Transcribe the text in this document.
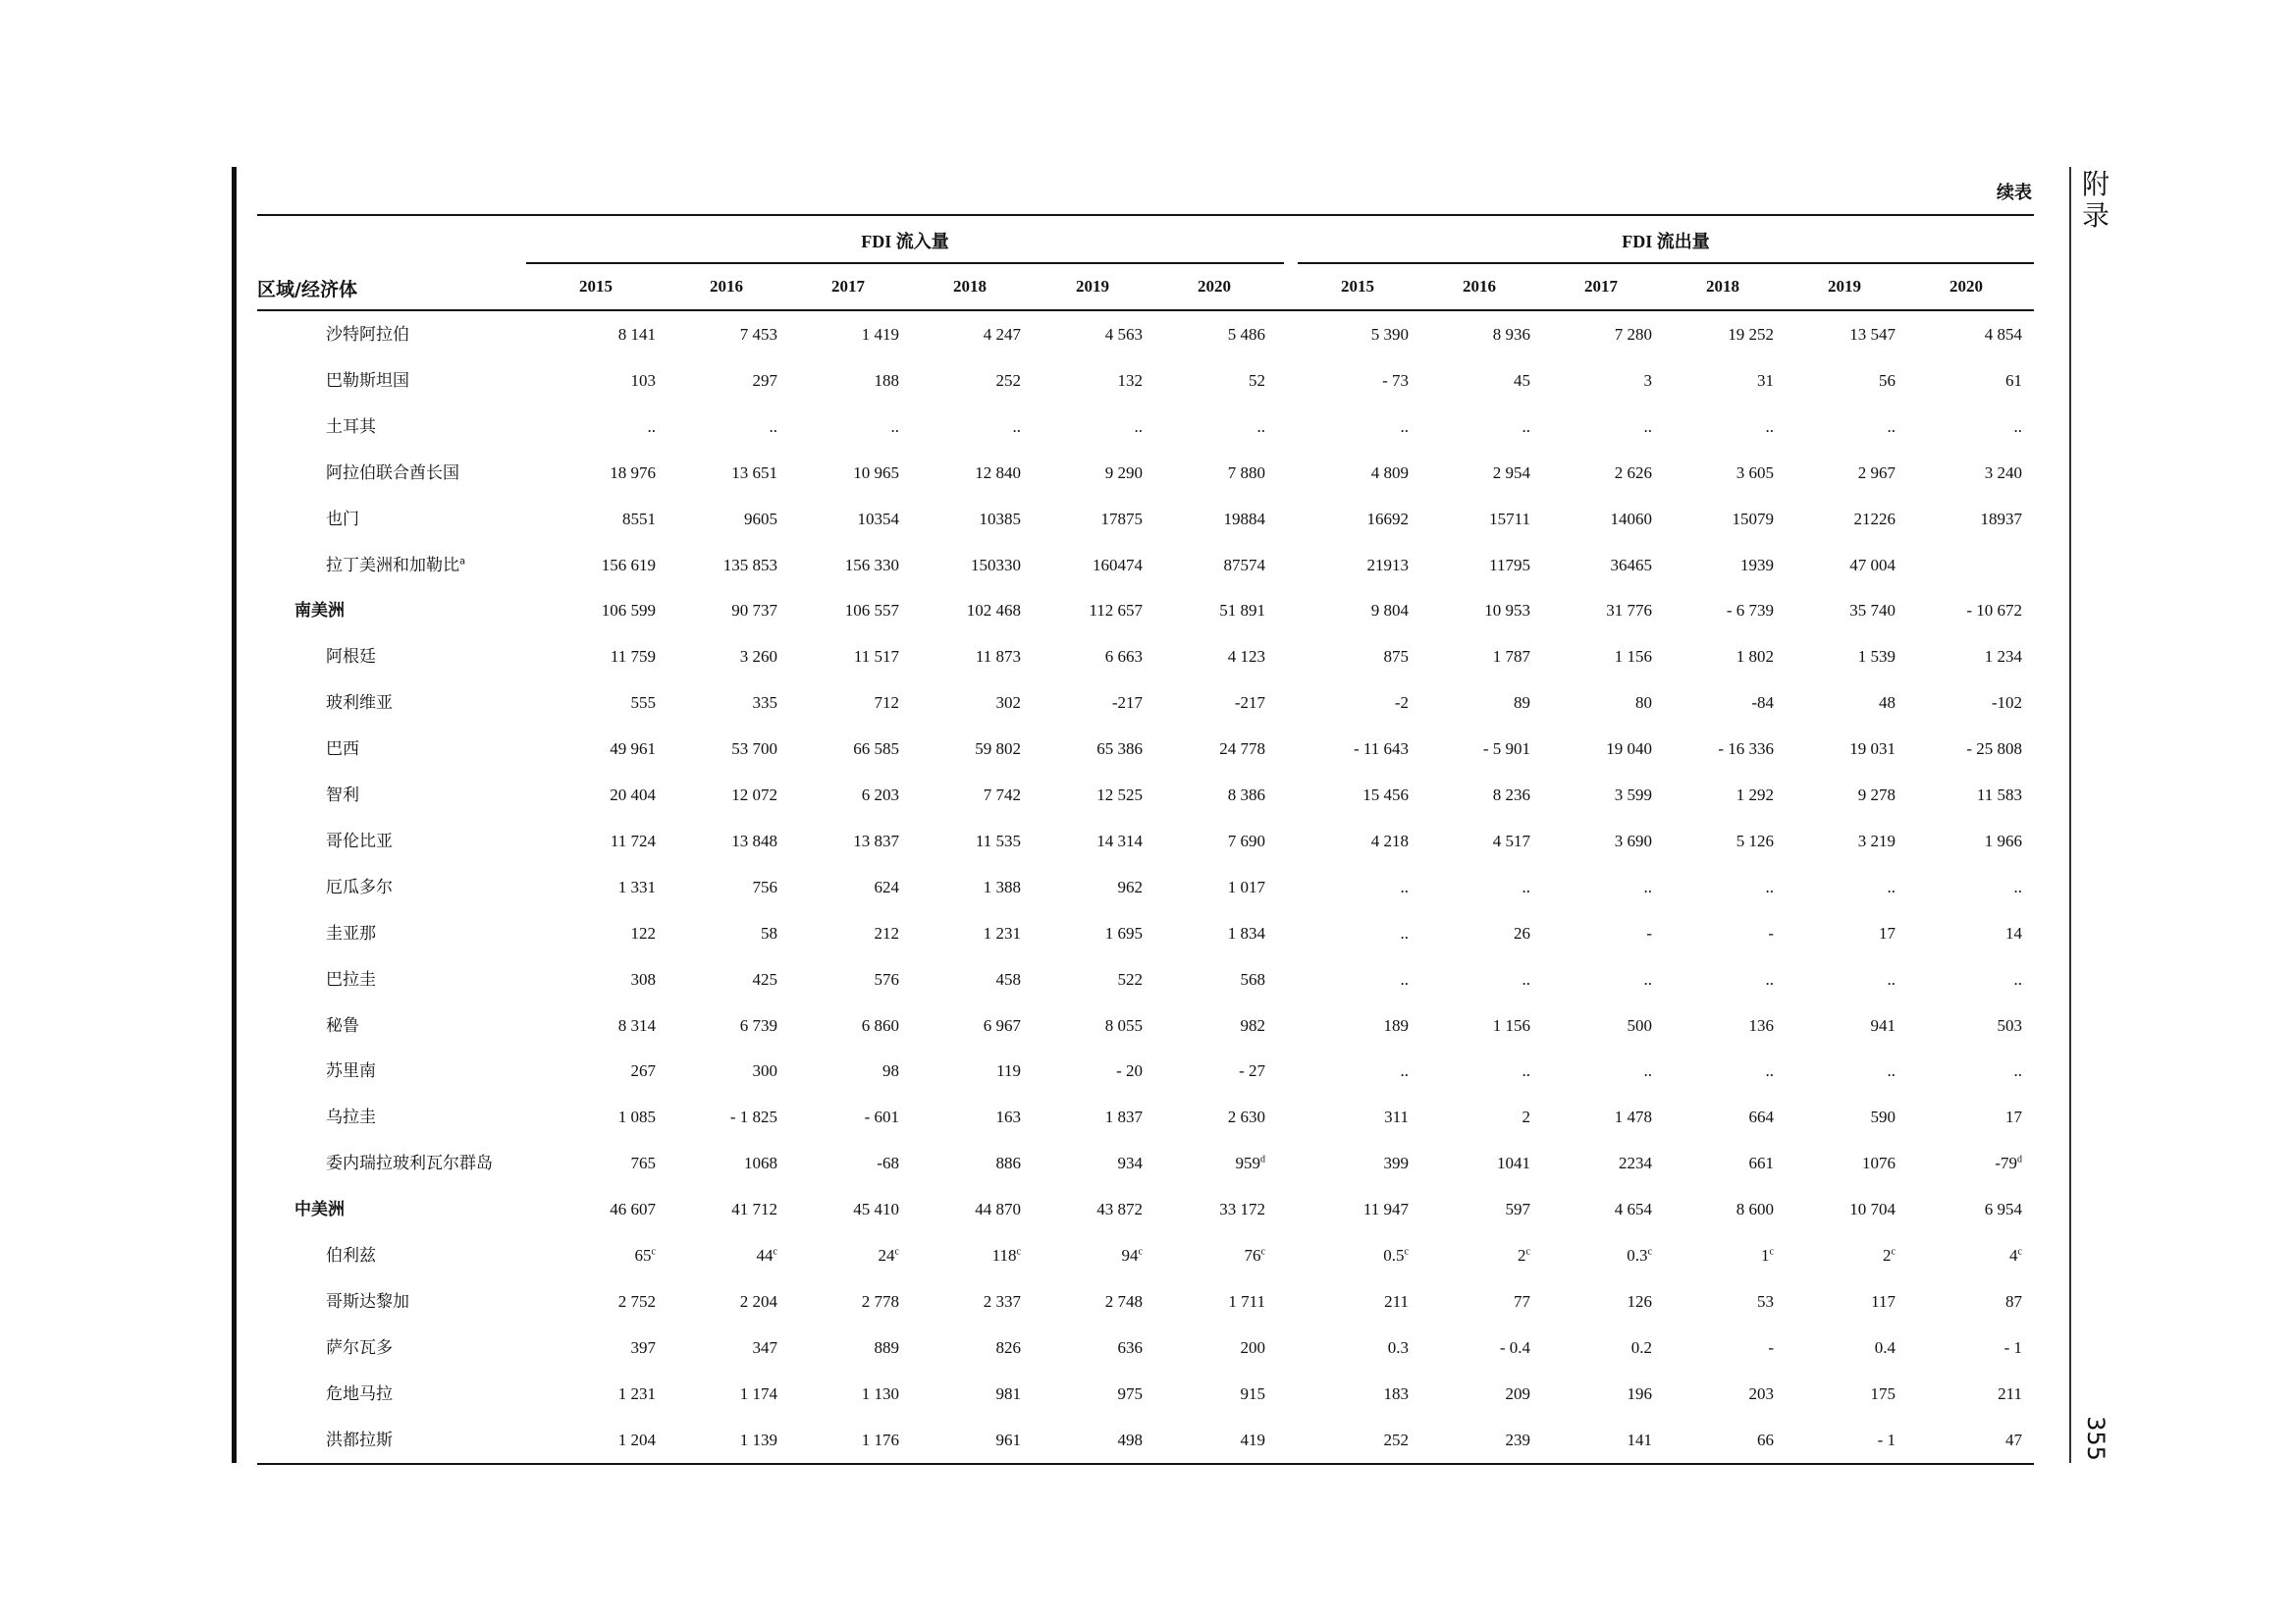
附录
355
续表
FDI 流入量	FDI 流出量
区域/经济体	2015	2016	2017	2018	2019	2020	2015	2016	2017	2018	2019	2020
沙特阿拉伯	8 141	7 453	1 419	4 247	4 563	5 486	5 390	8 936	7 280	19 252	13 547	4 854
巴勒斯坦国	103	297	188	252	132	52	- 73	45	3	31	56	61
土耳其	..	..	..	..	..	..	..	..	..	..	..	..
阿拉伯联合酋长国	18 976	13 651	10 965	12 840	9 290	7 880	4 809	2 954	2 626	3 605	2 967	3 240
也门	8551	9605	10354	10385	17875	19884	16692	15711	14060	15079	21226	18937
拉丁美洲和加勒比$^a$	156 619	135 853	156 330	150330	160474	87574	21913	11795	36465	1939	47 004
南美洲	106 599	90 737	106 557	102 468	112 657	51 891	9 804	10 953	31 776	- 6 739	35 740	- 10 672
阿根廷	11 759	3 260	11 517	11 873	6 663	4 123	875	1 787	1 156	1 802	1 539	1 234
玻利维亚	555	335	712	302	-217	-217	-2	89	80	-84	48	-102
巴西	49 961	53 700	66 585	59 802	65 386	24 778	- 11 643	- 5 901	19 040	- 16 336	19 031	- 25 808
智利	20 404	12 072	6 203	7 742	12 525	8 386	15 456	8 236	3 599	1 292	9 278	11 583
哥伦比亚	11 724	13 848	13 837	11 535	14 314	7 690	4 218	4 517	3 690	5 126	3 219	1 966
厄瓜多尔	1 331	756	624	1 388	962	1 017	..	..	..	..	..	..
圭亚那	122	58	212	1 231	1 695	1 834	..	26	-	-	17	14
巴拉圭	308	425	576	458	522	568	..	..	..	..	..	..
秘鲁	8 314	6 739	6 860	6 967	8 055	982	189	1 156	500	136	941	503
苏里南	267	300	98	119	- 20	- 27	..	..	..	..	..	..
乌拉圭	1 085	- 1 825	- 601	163	1 837	2 630	311	2	1 478	664	590	17
委内瑞拉玻利瓦尔群岛	765	1068	-68	886	934	959$^d$	399	1041	2234	661	1076	-79$^d$
中美洲	46 607	41 712	45 410	44 870	43 872	33 172	11 947	597	4 654	8 600	10 704	6 954
伯利兹	65$^c$	44$^c$	24$^c$	118$^c$	94$^c$	76$^c$	0.5$^c$	2$^c$	0.3$^c$	1$^c$	2$^c$	4$^c$
哥斯达黎加	2 752	2 204	2 778	2 337	2 748	1 711	211	77	126	53	117	87
萨尔瓦多	397	347	889	826	636	200	0.3	- 0.4	0.2	-	0.4	- 1
危地马拉	1 231	1 174	1 130	981	975	915	183	209	196	203	175	211
洪都拉斯	1 204	1 139	1 176	961	498	419	252	239	141	66	- 1	47
